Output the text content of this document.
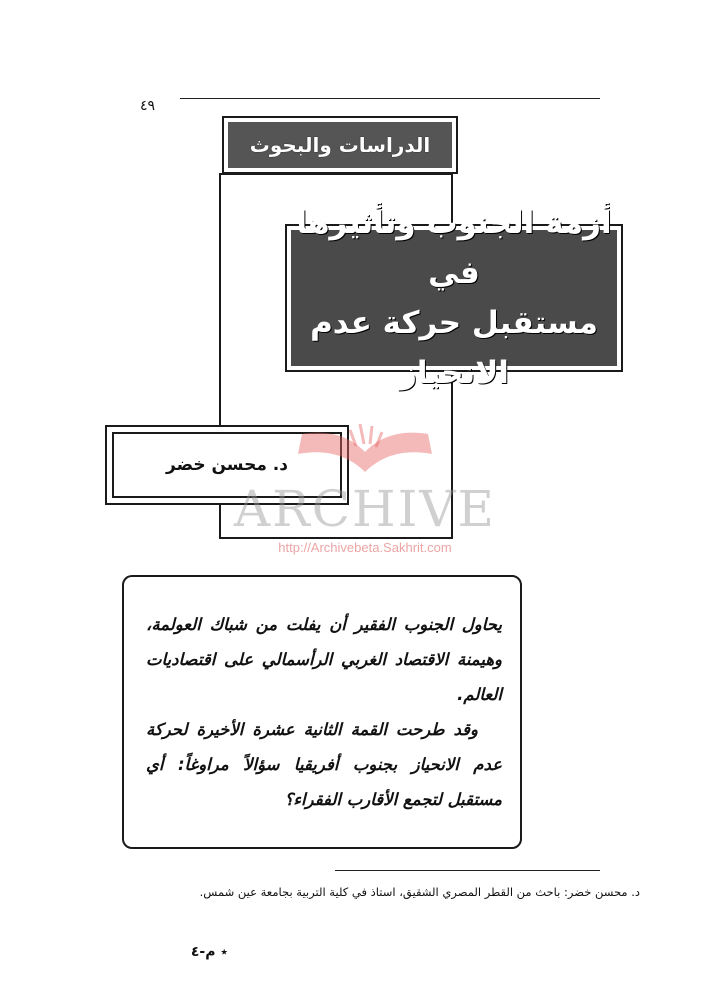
٤٩
الدراسات والبحوث
أزمة الجنوب وتأثيرها في
مستقبل حركة عدم الانحياز
د. محسن خضر
ARCHIVE
http://Archivebeta.Sakhrit.com

يحاول الجنوب الفقير أن يفلت من شباك العولمة، وهيمنة الاقتصاد الغربي الرأسمالي على اقتصاديات العالم.

وقد طرحت القمة الثانية عشرة الأخيرة لحركة عدم الانحياز بجنوب أفريقيا سؤالاً مراوغاً: أي مستقبل لتجمع الأقارب الفقراء؟

د. محسن خضر: باحث من القطر المصري الشقيق، استاذ في كلية التربية بجامعة عين شمس.
٭ م-٤
